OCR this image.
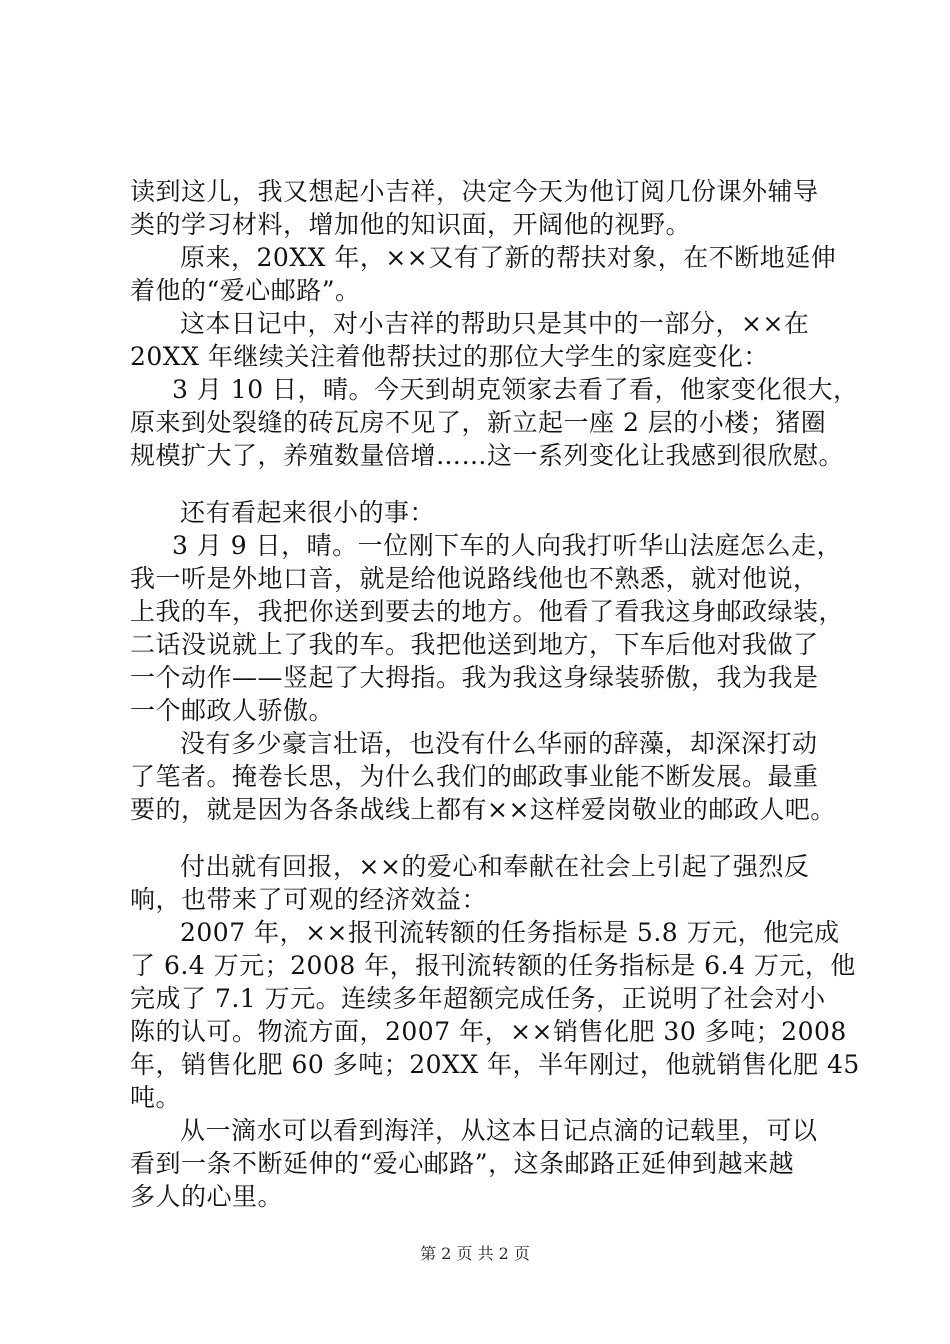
读到这儿，我又想起小吉祥，决定今天为他订阅几份课外辅导
类的学习材料，增加他的知识面，开阔他的视野。
原来，20XX 年，××又有了新的帮扶对象，在不断地延伸
着他的“爱心邮路”。
这本日记中，对小吉祥的帮助只是其中的一部分，××在
20XX 年继续关注着他帮扶过的那位大学生的家庭变化：
3 月 10 日，晴。今天到胡克领家去看了看，他家变化很大，
原来到处裂缝的砖瓦房不见了，新立起一座 2 层的小楼；猪圈
规模扩大了，养殖数量倍增……这一系列变化让我感到很欣慰。
还有看起来很小的事：
3 月 9 日，晴。一位刚下车的人向我打听华山法庭怎么走，
我一听是外地口音，就是给他说路线他也不熟悉，就对他说，
上我的车，我把你送到要去的地方。他看了看我这身邮政绿装，
二话没说就上了我的车。我把他送到地方，下车后他对我做了
一个动作——竖起了大拇指。我为我这身绿装骄傲，我为我是
一个邮政人骄傲。
没有多少豪言壮语，也没有什么华丽的辞藻，却深深打动
了笔者。掩卷长思，为什么我们的邮政事业能不断发展。最重
要的，就是因为各条战线上都有××这样爱岗敬业的邮政人吧。
付出就有回报，××的爱心和奉献在社会上引起了强烈反
响，也带来了可观的经济效益：
2007 年，××报刊流转额的任务指标是 5.8 万元，他完成
了 6.4 万元；2008 年，报刊流转额的任务指标是 6.4 万元，他
完成了 7.1 万元。连续多年超额完成任务，正说明了社会对小
陈的认可。物流方面，2007 年，××销售化肥 30 多吨；2008
年，销售化肥 60 多吨；20XX 年，半年刚过，他就销售化肥 45
吨。
从一滴水可以看到海洋，从这本日记点滴的记载里，可以
看到一条不断延伸的“爱心邮路”，这条邮路正延伸到越来越
多人的心里。
第 2 页 共 2 页
